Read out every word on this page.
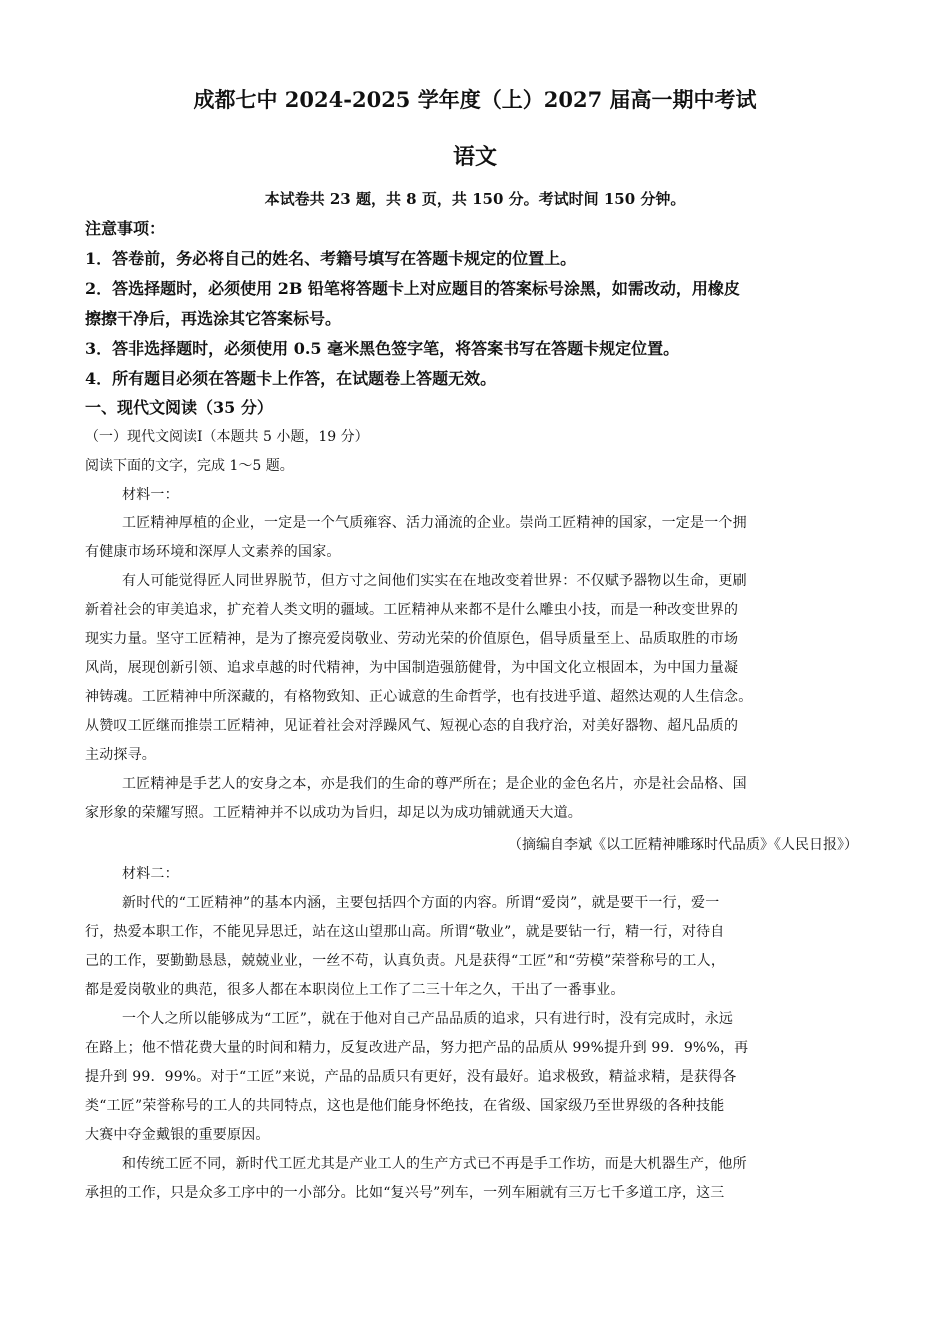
成都七中 2024-2025 学年度（上）2027 届高一期中考试
语文
本试卷共 23 题，共 8 页，共 150 分。考试时间 150 分钟。
注意事项：
1．答卷前，务必将自己的姓名、考籍号填写在答题卡规定的位置上。
2．答选择题时，必须使用 2B 铅笔将答题卡上对应题目的答案标号涂黑，如需改动，用橡皮
擦擦干净后，再选涂其它答案标号。
3．答非选择题时，必须使用 0.5 毫米黑色签字笔，将答案书写在答题卡规定位置。
4．所有题目必须在答题卡上作答，在试题卷上答题无效。
一、现代文阅读（35 分）
（一）现代文阅读Ⅰ（本题共 5 小题，19 分）
阅读下面的文字，完成 1～5 题。
材料一：
工匠精神厚植的企业，一定是一个气质雍容、活力涌流的企业。崇尚工匠精神的国家，一定是一个拥
有健康市场环境和深厚人文素养的国家。
有人可能觉得匠人同世界脱节，但方寸之间他们实实在在地改变着世界：不仅赋予器物以生命，更刷
新着社会的审美追求，扩充着人类文明的疆域。工匠精神从来都不是什么雕虫小技，而是一种改变世界的
现实力量。坚守工匠精神，是为了擦亮爱岗敬业、劳动光荣的价值原色，倡导质量至上、品质取胜的市场
风尚，展现创新引领、追求卓越的时代精神，为中国制造强筋健骨，为中国文化立根固本，为中国力量凝
神铸魂。工匠精神中所深藏的，有格物致知、正心诚意的生命哲学，也有技进乎道、超然达观的人生信念。
从赞叹工匠继而推崇工匠精神，见证着社会对浮躁风气、短视心态的自我疗治，对美好器物、超凡品质的
主动探寻。
工匠精神是手艺人的安身之本，亦是我们的生命的尊严所在；是企业的金色名片，亦是社会品格、国
家形象的荣耀写照。工匠精神并不以成功为旨归，却足以为成功铺就通天大道。
（摘编自李斌《以工匠精神雕琢时代品质》《人民日报》）
材料二：
新时代的“工匠精神”的基本内涵，主要包括四个方面的内容。所谓“爱岗”，就是要干一行，爱一
行，热爱本职工作，不能见异思迁，站在这山望那山高。所谓“敬业”，就是要钻一行，精一行，对待自
己的工作，要勤勤恳恳，兢兢业业，一丝不苟，认真负责。凡是获得“工匠”和“劳模”荣誉称号的工人，
都是爱岗敬业的典范，很多人都在本职岗位上工作了二三十年之久，干出了一番事业。
一个人之所以能够成为“工匠”，就在于他对自己产品品质的追求，只有进行时，没有完成时，永远
在路上；他不惜花费大量的时间和精力，反复改进产品，努力把产品的品质从 99%提升到 99．9%%，再
提升到 99．99%。对于“工匠”来说，产品的品质只有更好，没有最好。追求极致，精益求精，是获得各
类“工匠”荣誉称号的工人的共同特点，这也是他们能身怀绝技，在省级、国家级乃至世界级的各种技能
大赛中夺金戴银的重要原因。
和传统工匠不同，新时代工匠尤其是产业工人的生产方式已不再是手工作坊，而是大机器生产，他所
承担的工作，只是众多工序中的一小部分。比如“复兴号”列车，一列车厢就有三万七千多道工序，这三
